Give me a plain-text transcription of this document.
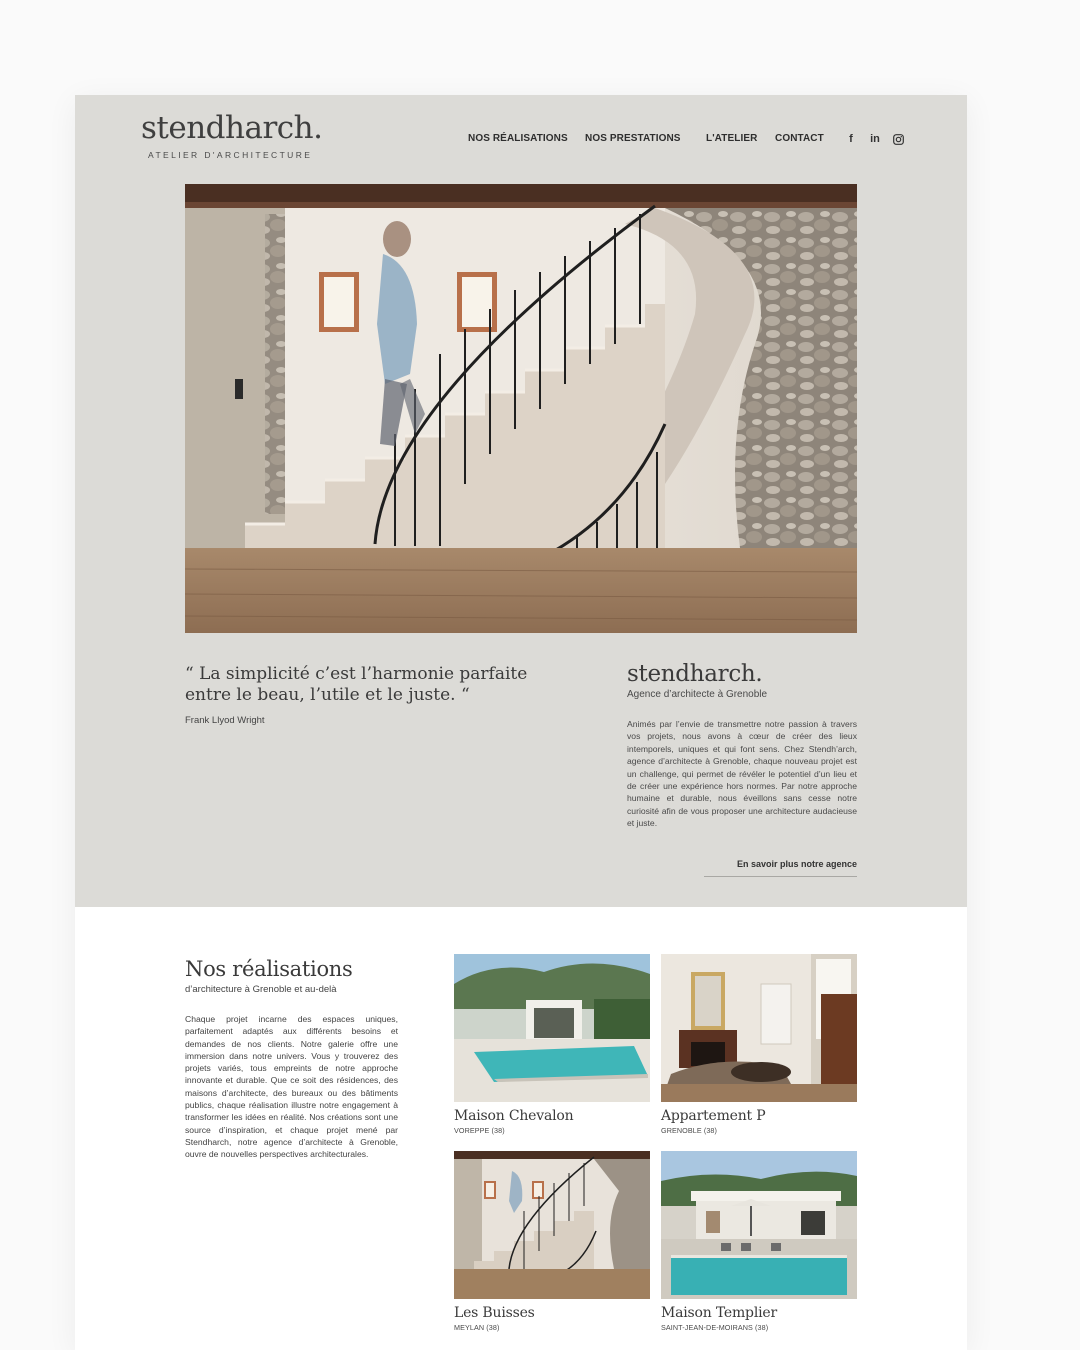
stendharch.
ATELIER D'ARCHITECTURE
NOS RÉALISATIONS NOS PRESTATIONS	L'ATELIER CONTACT	f	in
“ La simplicité c’est l’harmonie parfaite entre le beau, l’utile et le juste. “
Frank Llyod Wright
stendharch.
Agence d’architecte à Grenoble
Animés par l’envie de transmettre notre passion à travers vos projets, nous avons à cœur de créer des lieux intemporels, uniques et qui font sens. Chez Stendh’arch, agence d’architecte à Grenoble, chaque nouveau projet est un challenge, qui permet de révéler le potentiel d’un lieu et de créer une expérience hors normes. Par notre approche humaine et durable, nous éveillons sans cesse notre curiosité afin de vous proposer une architecture audacieuse et juste.
En savoir plus notre agence
Nos réalisations
d’architecture à Grenoble et au-delà
Chaque projet incarne des espaces uniques, parfaitement adaptés aux différents besoins et demandes de nos clients. Notre galerie offre une immersion dans notre univers. Vous y trouverez des projets variés, tous empreints de notre approche innovante et durable. Que ce soit des résidences, des maisons d’architecte, des bureaux ou des bâtiments publics, chaque réalisation illustre notre engagement à transformer les idées en réalité. Nos créations sont une source d’inspiration, et chaque projet mené par Stendharch, notre agence d’architecte à Grenoble, ouvre de nouvelles perspectives architecturales.
Maison Chevalon
VOREPPE (38)
Appartement P
GRENOBLE (38)
Les Buisses
MEYLAN (38)
Maison Templier
SAINT-JEAN-DE-MOIRANS (38)
